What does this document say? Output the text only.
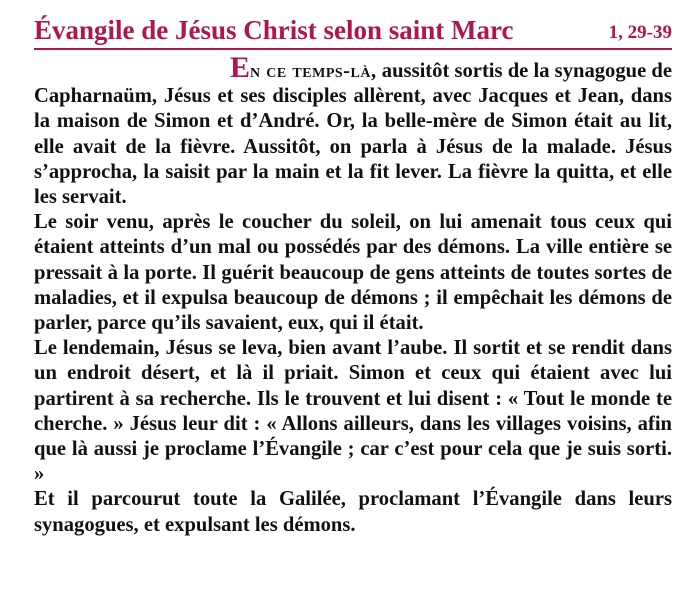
Évangile de Jésus Christ selon saint Marc	1, 29-39

En ce temps-là, aussitôt sortis de la synagogue de Capharnaüm, Jésus et ses disciples allèrent, avec Jacques et Jean, dans la maison de Simon et d’André. Or, la belle-mère de Simon était au lit, elle avait de la fièvre. Aussitôt, on parla à Jésus de la malade. Jésus s’approcha, la saisit par la main et la fit lever. La fièvre la quitta, et elle les servait.

Le soir venu, après le coucher du soleil, on lui amenait tous ceux qui étaient atteints d’un mal ou possédés par des démons. La ville entière se pressait à la porte. Il guérit beaucoup de gens atteints de toutes sortes de maladies, et il expulsa beaucoup de démons ; il empêchait les démons de parler, parce qu’ils savaient, eux, qui il était.

Le lendemain, Jésus se leva, bien avant l’aube. Il sortit et se rendit dans un endroit désert, et là il priait. Simon et ceux qui étaient avec lui partirent à sa recherche. Ils le trouvent et lui disent : « Tout le monde te cherche. » Jésus leur dit : « Allons ailleurs, dans les villages voisins, afin que là aussi je proclame l’Évangile ; car c’est pour cela que je suis sorti. »

Et il parcourut toute la Galilée, proclamant l’Évangile dans leurs synagogues, et expulsant les démons.
